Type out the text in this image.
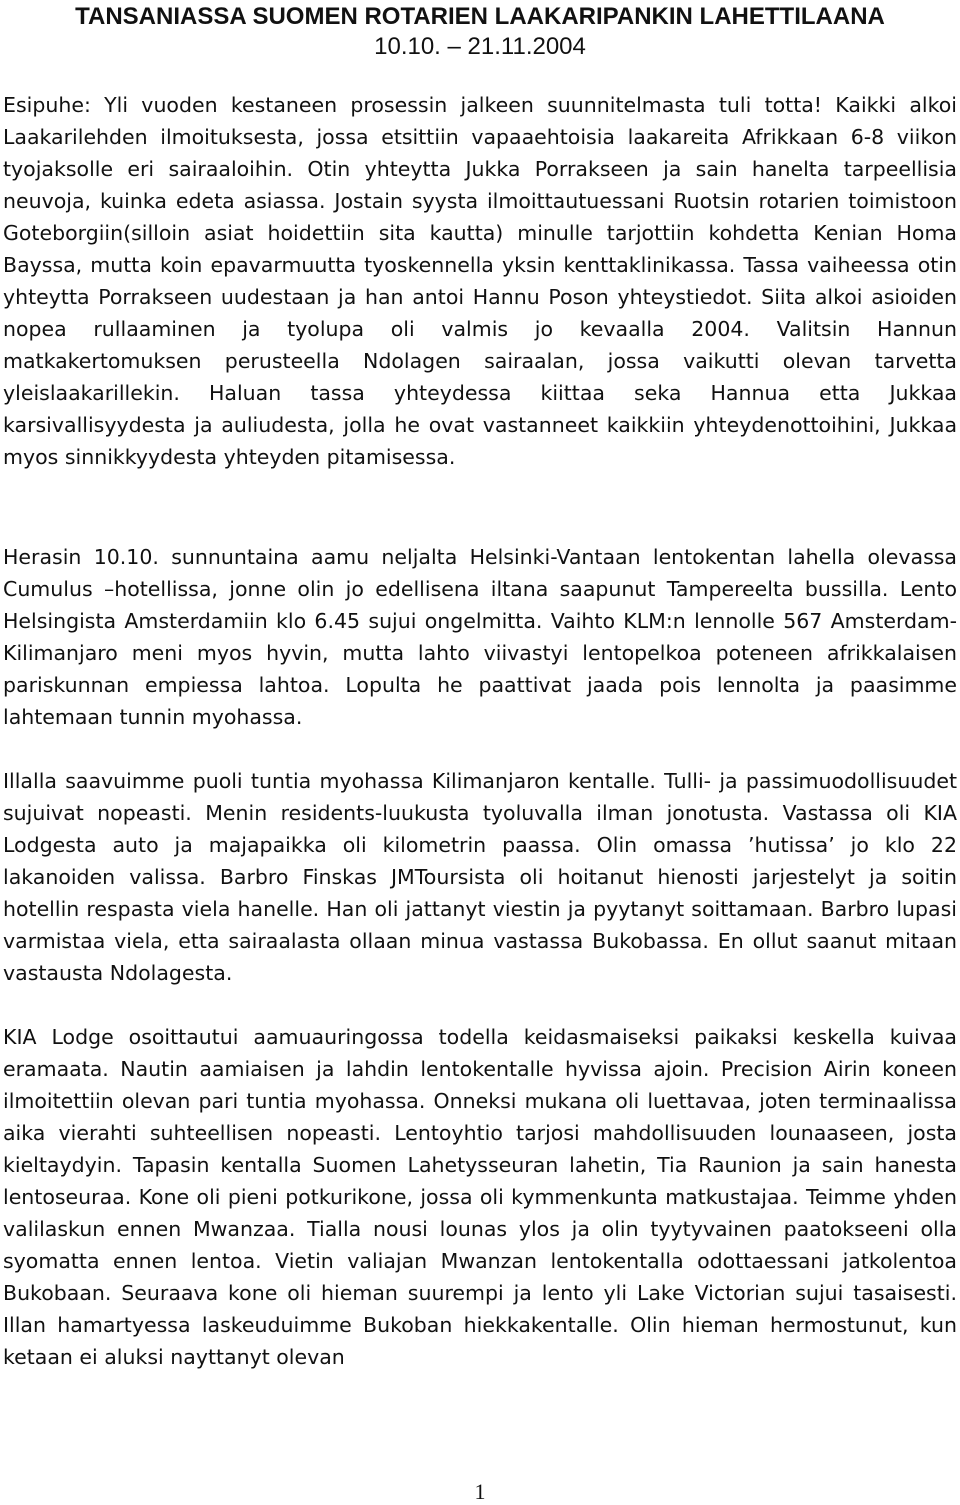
TANSANIASSA SUOMEN ROTARIEN LAAKARIPANKIN LAHETTILAANA
10.10. – 21.11.2004

Esipuhe: Yli vuoden kestaneen prosessin jalkeen suunnitelmasta tuli totta! Kaikki alkoi Laakarilehden ilmoituksesta, jossa etsittiin vapaaehtoisia laakareita Afrikkaan 6-8 viikon tyojaksolle eri sairaaloihin. Otin yhteytta Jukka Porrakseen ja sain hanelta tarpeellisia neuvoja, kuinka edeta asiassa. Jostain syysta ilmoittautuessani Ruotsin rotarien toimistoon Goteborgiin(silloin asiat hoidettiin sita kautta) minulle tarjottiin kohdetta Kenian Homa Bayssa, mutta koin epavarmuutta tyoskennella yksin kenttaklinikassa. Tassa vaiheessa otin yhteytta Porrakseen uudestaan ja han antoi Hannu Poson yhteystiedot. Siita alkoi asioiden nopea rullaaminen ja tyolupa oli valmis jo kevaalla 2004. Valitsin Hannun matkakertomuksen perusteella Ndolagen sairaalan, jossa vaikutti olevan tarvetta yleislaakarillekin. Haluan tassa yhteydessa kiittaa seka Hannua etta Jukkaa karsivallisyydesta ja auliudesta, jolla he ovat vastanneet kaikkiin yhteydenottoihini, Jukkaa myos sinnikkyydesta yhteyden pitamisessa.

Herasin 10.10. sunnuntaina aamu neljalta Helsinki-Vantaan lentokentan lahella olevassa Cumulus –hotellissa, jonne olin jo edellisena iltana saapunut Tampereelta bussilla. Lento Helsingista Amsterdamiin klo 6.45 sujui ongelmitta. Vaihto KLM:n lennolle 567 Amsterdam-Kilimanjaro meni myos hyvin, mutta lahto viivastyi lentopelkoa poteneen afrikkalaisen pariskunnan empiessa lahtoa. Lopulta he paattivat jaada pois lennolta ja paasimme lahtemaan tunnin myohassa.

Illalla saavuimme puoli tuntia myohassa Kilimanjaron kentalle. Tulli- ja passimuodollisuudet sujuivat nopeasti. Menin residents-luukusta tyoluvalla ilman jonotusta. Vastassa oli KIA Lodgesta auto ja majapaikka oli kilometrin paassa. Olin omassa ’hutissa’ jo klo 22 lakanoiden valissa. Barbro Finskas JMToursista oli hoitanut hienosti jarjestelyt ja soitin hotellin respasta viela hanelle. Han oli jattanyt viestin ja pyytanyt soittamaan. Barbro lupasi varmistaa viela, etta sairaalasta ollaan minua vastassa Bukobassa. En ollut saanut mitaan vastausta Ndolagesta.

KIA Lodge osoittautui aamuauringossa todella keidasmaiseksi paikaksi keskella kuivaa eramaata. Nautin aamiaisen ja lahdin lentokentalle hyvissa ajoin. Precision Airin koneen ilmoitettiin olevan pari tuntia myohassa. Onneksi mukana oli luettavaa, joten terminaalissa aika vierahti suhteellisen nopeasti. Lentoyhtio tarjosi mahdollisuuden lounaaseen, josta kieltaydyin. Tapasin kentalla Suomen Lahetysseuran lahetin, Tia Raunion ja sain hanesta lentoseuraa. Kone oli pieni potkurikone, jossa oli kymmenkunta matkustajaa. Teimme yhden valilaskun ennen Mwanzaa. Tialla nousi lounas ylos ja olin tyytyvainen paatokseeni olla syomatta ennen lentoa. Vietin valiajan Mwanzan lentokentalla odottaessani jatkolentoa Bukobaan. Seuraava kone oli hieman suurempi ja lento yli Lake Victorian sujui tasaisesti. Illan hamartyessa laskeuduimme Bukoban hiekkakentalle. Olin hieman hermostunut, kun ketaan ei aluksi nayttanyt olevan

1
